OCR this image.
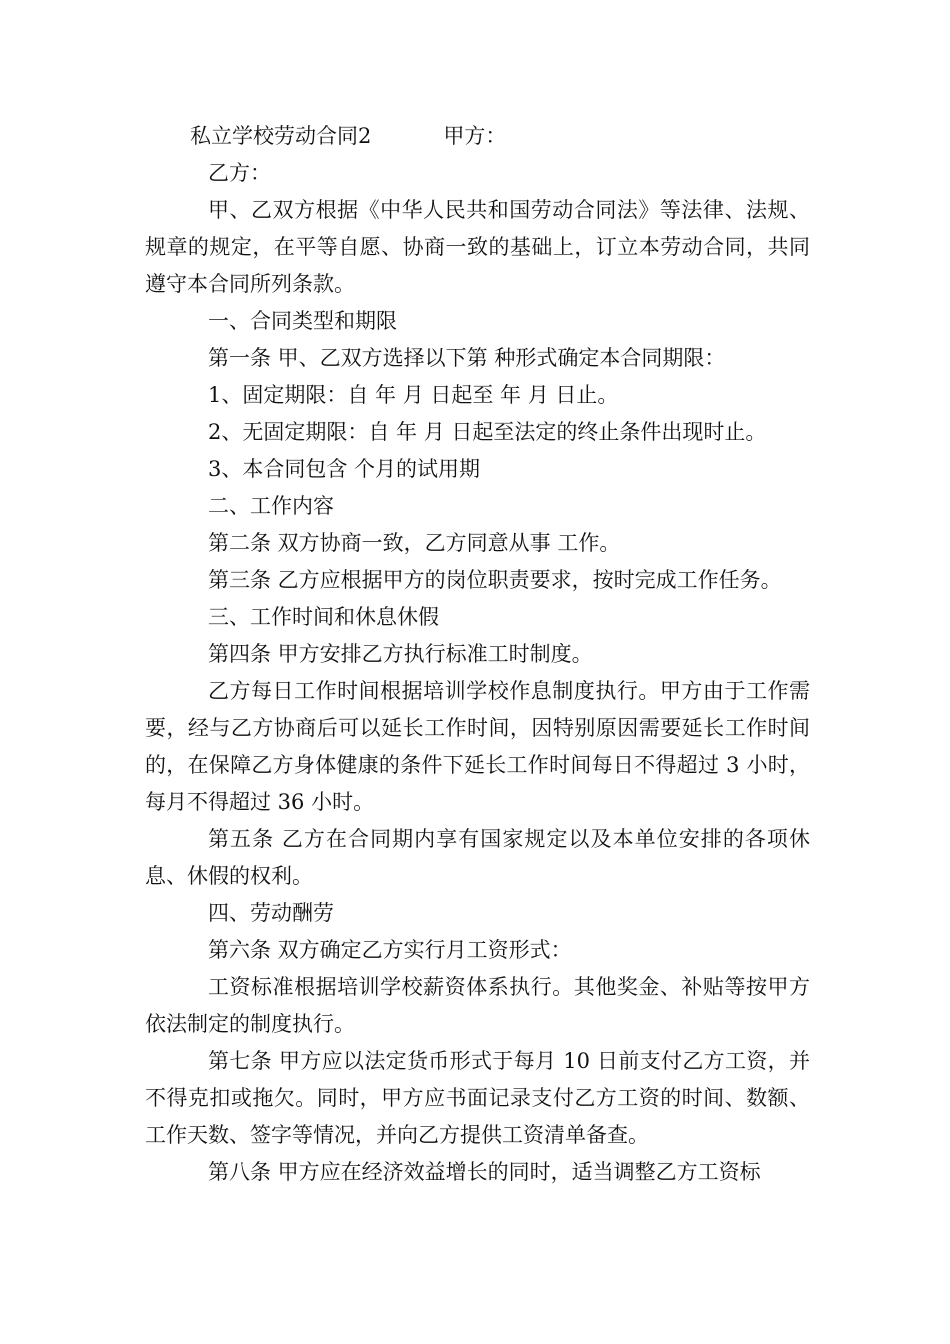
私立学校劳动合同2	甲方：

乙方：

甲、乙双方根据《中华人民共和国劳动合同法》等法律、法规、规章的规定，在平等自愿、协商一致的基础上，订立本劳动合同，共同遵守本合同所列条款。

一、合同类型和期限

第一条 甲、乙双方选择以下第 种形式确定本合同期限：

1、固定期限：自 年 月 日起至 年 月 日止。

2、无固定期限：自 年 月 日起至法定的终止条件出现时止。

3、本合同包含 个月的试用期

二、工作内容

第二条 双方协商一致，乙方同意从事 工作。

第三条 乙方应根据甲方的岗位职责要求，按时完成工作任务。

三、工作时间和休息休假

第四条 甲方安排乙方执行标准工时制度。

乙方每日工作时间根据培训学校作息制度执行。甲方由于工作需要，经与乙方协商后可以延长工作时间，因特别原因需要延长工作时间的，在保障乙方身体健康的条件下延长工作时间每日不得超过 3 小时，每月不得超过 36 小时。

第五条 乙方在合同期内享有国家规定以及本单位安排的各项休息、休假的权利。

四、劳动酬劳

第六条 双方确定乙方实行月工资形式：

工资标准根据培训学校薪资体系执行。其他奖金、补贴等按甲方依法制定的制度执行。

第七条 甲方应以法定货币形式于每月 10 日前支付乙方工资，并不得克扣或拖欠。同时，甲方应书面记录支付乙方工资的时间、数额、工作天数、签字等情况，并向乙方提供工资清单备查。

第八条 甲方应在经济效益增长的同时，适当调整乙方工资标
